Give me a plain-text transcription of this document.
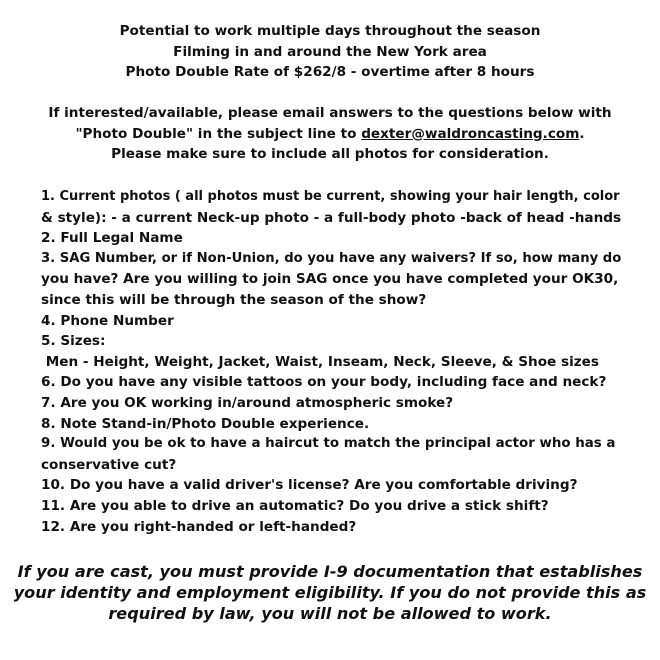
Potential to work multiple days throughout the season
Filming in and around the New York area
Photo Double Rate of $262/8 - overtime after 8 hours
If interested/available, please email answers to the questions below with
"Photo Double" in the subject line to dexter@waldroncasting.com.
Please make sure to include all photos for consideration.
1. Current photos ( all photos must be current, showing your hair length, color
& style): - a current Neck-up photo - a full-body photo -back of head -hands
2. Full Legal Name
3. SAG Number, or if Non-Union, do you have any waivers? If so, how many do
you have? Are you willing to join SAG once you have completed your OK30,
since this will be through the season of the show?
4. Phone Number
5. Sizes:
Men - Height, Weight, Jacket, Waist, Inseam, Neck, Sleeve, & Shoe sizes
6. Do you have any visible tattoos on your body, including face and neck?
7. Are you OK working in/around atmospheric smoke?
8. Note Stand-in/Photo Double experience.
9. Would you be ok to have a haircut to match the principal actor who has a
conservative cut?
10. Do you have a valid driver's license? Are you comfortable driving?
11. Are you able to drive an automatic? Do you drive a stick shift?
12. Are you right-handed or left-handed?
If you are cast, you must provide I-9 documentation that establishes
your identity and employment eligibility. If you do not provide this as
required by law, you will not be allowed to work.
